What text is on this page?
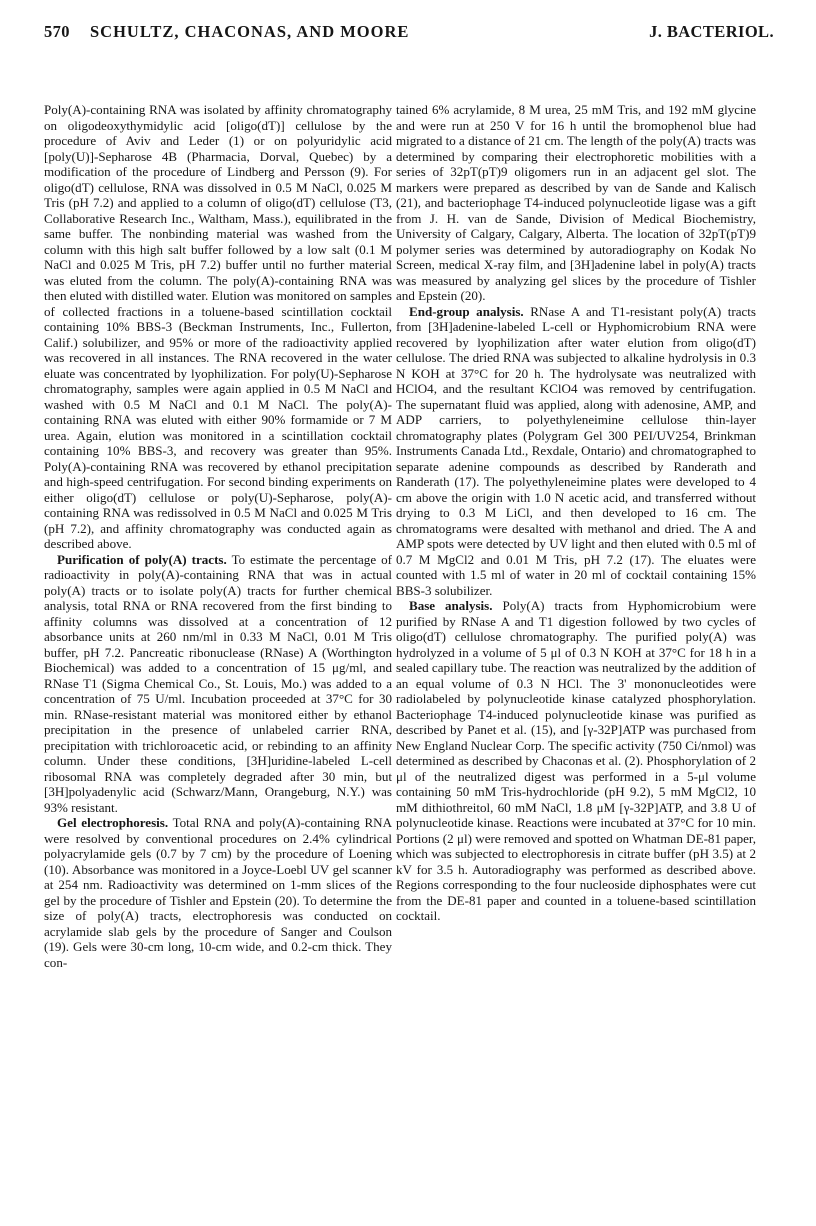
570 SCHULTZ, CHACONAS, AND MOORE	J. BACTERIOL.

Poly(A)-containing RNA was isolated by affinity chromatography on oligodeoxythymidylic acid [oligo(dT)] cellulose by the procedure of Aviv and Leder (1) or on polyuridylic acid [poly(U)]-Sepharose 4B (Pharmacia, Dorval, Quebec) by a modification of the procedure of Lindberg and Persson (9). For oligo(dT) cellulose, RNA was dissolved in 0.5 M NaCl, 0.025 M Tris (pH 7.2) and applied to a column of oligo(dT) cellulose (T3, Collaborative Research Inc., Waltham, Mass.), equilibrated in the same buffer. The nonbinding material was washed from the column with this high salt buffer followed by a low salt (0.1 M NaCl and 0.025 M Tris, pH 7.2) buffer until no further material was eluted from the column. The poly(A)-containing RNA was then eluted with distilled water. Elution was monitored on samples of collected fractions in a toluene-based scintillation cocktail containing 10% BBS-3 (Beckman Instruments, Inc., Fullerton, Calif.) solubilizer, and 95% or more of the radioactivity applied was recovered in all instances. The RNA recovered in the water eluate was concentrated by lyophilization. For poly(U)-Sepharose chromatography, samples were again applied in 0.5 M NaCl and washed with 0.5 M NaCl and 0.1 M NaCl. The poly(A)-containing RNA was eluted with either 90% formamide or 7 M urea. Again, elution was monitored in a scintillation cocktail containing 10% BBS-3, and recovery was greater than 95%. Poly(A)-containing RNA was recovered by ethanol precipitation and high-speed centrifugation. For second binding experiments on either oligo(dT) cellulose or poly(U)-Sepharose, poly(A)-containing RNA was redissolved in 0.5 M NaCl and 0.025 M Tris (pH 7.2), and affinity chromatography was conducted again as described above.

Purification of poly(A) tracts. To estimate the percentage of radioactivity in poly(A)-containing RNA that was in actual poly(A) tracts or to isolate poly(A) tracts for further chemical analysis, total RNA or RNA recovered from the first binding to affinity columns was dissolved at a concentration of 12 absorbance units at 260 nm/ml in 0.33 M NaCl, 0.01 M Tris buffer, pH 7.2. Pancreatic ribonuclease (RNase) A (Worthington Biochemical) was added to a concentration of 15 μg/ml, and RNase T1 (Sigma Chemical Co., St. Louis, Mo.) was added to a concentration of 75 U/ml. Incubation proceeded at 37°C for 30 min. RNase-resistant material was monitored either by ethanol precipitation in the presence of unlabeled carrier RNA, precipitation with trichloroacetic acid, or rebinding to an affinity column. Under these conditions, [3H]uridine-labeled L-cell ribosomal RNA was completely degraded after 30 min, but [3H]polyadenylic acid (Schwarz/Mann, Orangeburg, N.Y.) was 93% resistant.

Gel electrophoresis. Total RNA and poly(A)-containing RNA were resolved by conventional procedures on 2.4% cylindrical polyacrylamide gels (0.7 by 7 cm) by the procedure of Loening (10). Absorbance was monitored in a Joyce-Loebl UV gel scanner at 254 nm. Radioactivity was determined on 1-mm slices of the gel by the procedure of Tishler and Epstein (20). To determine the size of poly(A) tracts, electrophoresis was conducted on acrylamide slab gels by the procedure of Sanger and Coulson (19). Gels were 30-cm long, 10-cm wide, and 0.2-cm thick. They con-

tained 6% acrylamide, 8 M urea, 25 mM Tris, and 192 mM glycine and were run at 250 V for 16 h until the bromophenol blue had migrated to a distance of 21 cm. The length of the poly(A) tracts was determined by comparing their electrophoretic mobilities with a series of 32pT(pT)9 oligomers run in an adjacent gel slot. The markers were prepared as described by van de Sande and Kalisch (21), and bacteriophage T4-induced polynucleotide ligase was a gift from J. H. van de Sande, Division of Medical Biochemistry, University of Calgary, Calgary, Alberta. The location of 32pT(pT)9 polymer series was determined by autoradiography on Kodak No Screen, medical X-ray film, and [3H]adenine label in poly(A) tracts was measured by analyzing gel slices by the procedure of Tishler and Epstein (20).

End-group analysis. RNase A and T1-resistant poly(A) tracts from [3H]adenine-labeled L-cell or Hyphomicrobium RNA were recovered by lyophilization after water elution from oligo(dT) cellulose. The dried RNA was subjected to alkaline hydrolysis in 0.3 N KOH at 37°C for 20 h. The hydrolysate was neutralized with HClO4, and the resultant KClO4 was removed by centrifugation. The supernatant fluid was applied, along with adenosine, AMP, and ADP carriers, to polyethyleneimine cellulose thin-layer chromatography plates (Polygram Gel 300 PEI/UV254, Brinkman Instruments Canada Ltd., Rexdale, Ontario) and chromatographed to separate adenine compounds as described by Randerath and Randerath (17). The polyethyleneimine plates were developed to 4 cm above the origin with 1.0 N acetic acid, and transferred without drying to 0.3 M LiCl, and then developed to 16 cm. The chromatograms were desalted with methanol and dried. The A and AMP spots were detected by UV light and then eluted with 0.5 ml of 0.7 M MgCl2 and 0.01 M Tris, pH 7.2 (17). The eluates were counted with 1.5 ml of water in 20 ml of cocktail containing 15% BBS-3 solubilizer.

Base analysis. Poly(A) tracts from Hyphomicrobium were purified by RNase A and T1 digestion followed by two cycles of oligo(dT) cellulose chromatography. The purified poly(A) was hydrolyzed in a volume of 5 μl of 0.3 N KOH at 37°C for 18 h in a sealed capillary tube. The reaction was neutralized by the addition of an equal volume of 0.3 N HCl. The 3' mononucleotides were radiolabeled by polynucleotide kinase catalyzed phosphorylation. Bacteriophage T4-induced polynucleotide kinase was purified as described by Panet et al. (15), and [γ-32P]ATP was purchased from New England Nuclear Corp. The specific activity (750 Ci/nmol) was determined as described by Chaconas et al. (2). Phosphorylation of 2 μl of the neutralized digest was performed in a 5-μl volume containing 50 mM Tris-hydrochloride (pH 9.2), 5 mM MgCl2, 10 mM dithiothreitol, 60 mM NaCl, 1.8 μM [γ-32P]ATP, and 3.8 U of polynucleotide kinase. Reactions were incubated at 37°C for 10 min. Portions (2 μl) were removed and spotted on Whatman DE-81 paper, which was subjected to electrophoresis in citrate buffer (pH 3.5) at 2 kV for 3.5 h. Autoradiography was performed as described above. Regions corresponding to the four nucleoside diphosphates were cut from the DE-81 paper and counted in a toluene-based scintillation cocktail.
